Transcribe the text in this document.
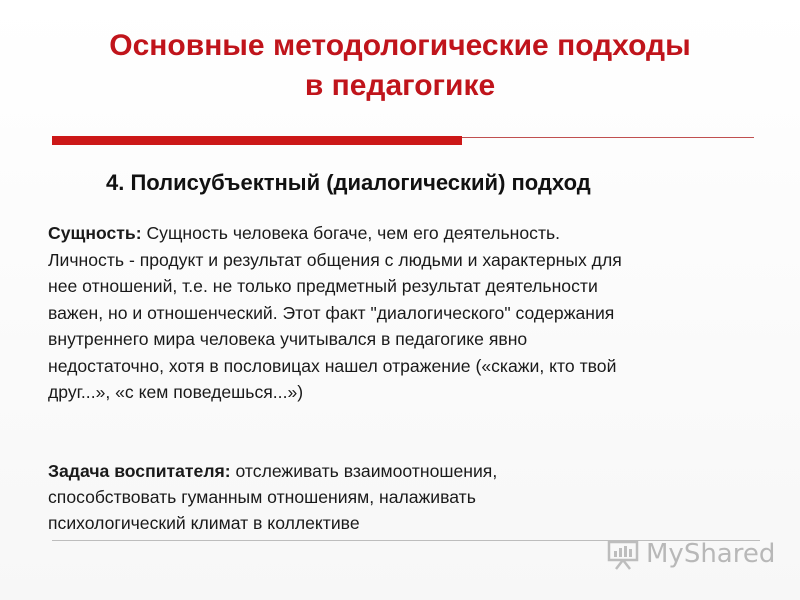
Основные методологические подходы
в педагогике
4. Полисубъектный (диалогический) подход

Сущность: Сущность человека богаче, чем его деятельность.
Личность - продукт и результат общения с людьми и характерных для
нее отношений, т.е. не только предметный результат деятельности
важен, но и отношенческий. Этот факт "диалогического" содержания
внутреннего мира человека учитывался в педагогике явно
недостаточно, хотя в пословицах нашел отражение («скажи, кто твой
друг...», «с кем поведешься...»)

Задача воспитателя: отслеживать взаимоотношения,
способствовать гуманным отношениям, налаживать
психологический климат в коллективе

MyShared
